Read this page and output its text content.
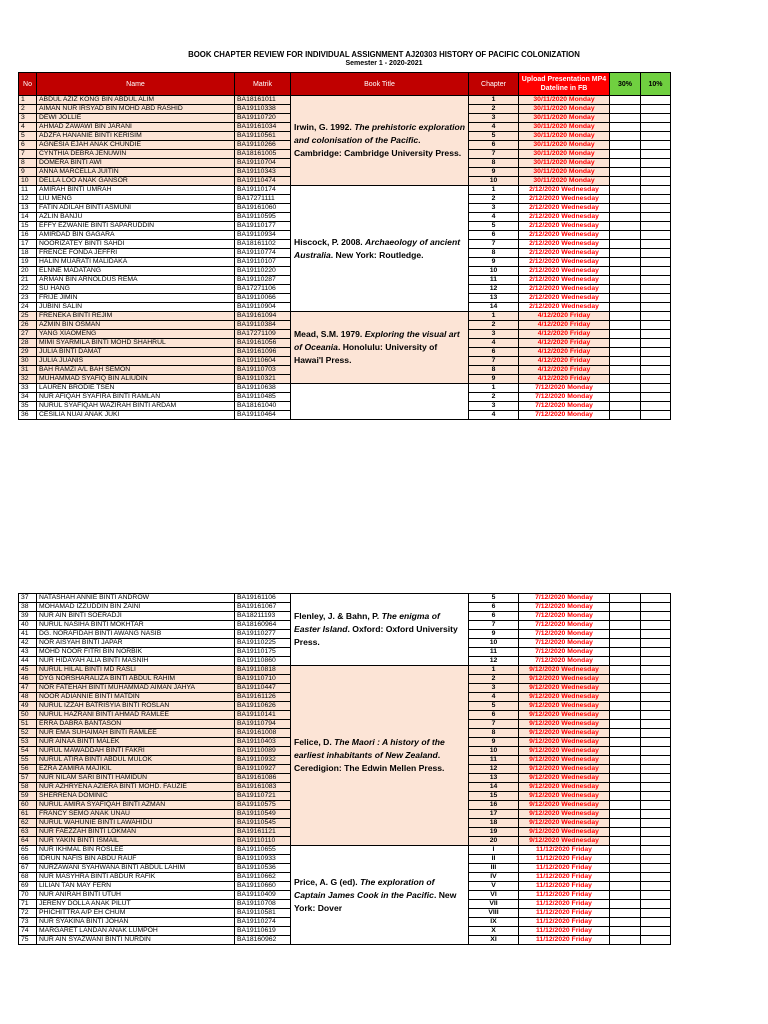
BOOK CHAPTER REVIEW FOR INDIVIDUAL ASSIGNMENT AJ20303 HISTORY OF PACIFIC COLONIZATION
Semester 1 - 2020-2021
No	Name	Matrik	Book Title	Chapter	Upload Presentation MP4 Dateline in FB	30%	10%	
1	ABDUL AZIZ KONG BIN ABDUL ALIM	BA18161011	Irwin, G. 1992. The prehistoric exploration and colonisation of the Pacific. Cambridge: Cambridge University Press.	1	30/11/2020 Monday			
2	AIMAN NUR IRSYAD BIN MOHD ABD RASHID	BA19110338		2	30/11/2020 Monday			
3	DEWI JOLLIE	BA19110720		3	30/11/2020 Monday			
4	AHMAD ZAWAWI BIN JARANI	BA19161034		4	30/11/2020 Monday			
5	ADZFA HANANIE BINTI KERISIM	BA19110561		5	30/11/2020 Monday			
6	AGNESIA EJAH ANAK CHUNDIE	BA19110266		6	30/11/2020 Monday			
7	CYNTHIA DEBRA JENUWIN	BA18161005		7	30/11/2020 Monday			
8	DOMERA BINTI AWI	BA19110704		8	30/11/2020 Monday			
9	ANNA MARCELLA JUITIN	BA19110343		9	30/11/2020 Monday			
10	DELLA LOO ANAK GANSOR	BA19110474		10	30/11/2020 Monday			
11	AMIRAH BINTI UMRAH	BA19110174	Hiscock, P. 2008. Archaeology of ancient Australia. New York: Routledge.	1	2/12/2020 Wednesday			
12	LIU MENG	BA17271111		2	2/12/2020 Wednesday			
13	FATIN ADILAH BINTI ASMUNI	BA19161060		3	2/12/2020 Wednesday			
14	AZLIN BANJU	BA19110595		4	2/12/2020 Wednesday			
15	EFFY EZWANIE BINTI SAPARUDDIN	BA19110177		5	2/12/2020 Wednesday			
16	AMIRDAD BIN GAGARA	BA19110934		6	2/12/2020 Wednesday			
17	NOORIZATEY BINTI SAHDI	BA18161102		7	2/12/2020 Wednesday			
18	FRENCE FONDA JEFFRI	BA19110774		8	2/12/2020 Wednesday			
19	HALIN MUARATI MALIDAKA	BA19110107		9	2/12/2020 Wednesday			
20	ELNNE MADATANG	BA19110220		10	2/12/2020 Wednesday			
21	ARMAN BIN ARNOLDUS REMA	BA19110287		11	2/12/2020 Wednesday			
22	SU HANG	BA17271106		12	2/12/2020 Wednesday			
23	FRIJE JIMIN	BA19110066		13	2/12/2020 Wednesday			
24	JUBINI SALIN	BA19110904		14	2/12/2020 Wednesday			
25	FRENEKA BINTI REJIM	BA19161094	Mead, S.M. 1979. Exploring the visual art of Oceania. Honolulu: University of Hawai'I Press.	1	4/12/2020 Friday			
26	AZMIN BIN OSMAN	BA19110384		2	4/12/2020 Friday			
27	YANG XIAOMENG	BA17271109		3	4/12/2020 Friday			
28	MIMI SYARMILA BINTI MOHD SHAHRUL	BA19161056		4	4/12/2020 Friday			
29	JULIA BINTI DAMAT	BA19161096		6	4/12/2020 Friday			
30	JULIA JUANIS	BA19110604		7	4/12/2020 Friday			
31	BAH RAMZI A/L BAH SEMON	BA19110703		8	4/12/2020 Friday			
32	MUHAMMAD SYAFIQ BIN ALIUDIN	BA19110321		9	4/12/2020 Friday			
33	LAUREN BRODIE TSEN	BA19110638		1	7/12/2020 Monday			
34	NUR AFIQAH SYAFIRA BINTI RAMLAN	BA19110485		2	7/12/2020 Monday			
35	NURUL SYAFIQAH WAZIRAH BINTI ARDAM	BA18161040		3	7/12/2020 Monday			
36	CESILIA NUAI ANAK JUKI	BA19110464		4	7/12/2020 Monday			
37	NATASHAH ANNIE BINTI ANDROW	BA19161106	Flenley, J. & Bahn, P. The enigma of Easter Island. Oxford: Oxford University Press.	5	7/12/2020 Monday			
38	MOHAMAD IZZUDDIN BIN ZAINI	BA19161067		6	7/12/2020 Monday			
39	NUR AIN BINTI SOERADJI	BA18211193		6	7/12/2020 Monday			
40	NURUL NASIHA BINTI MOKHTAR	BA18160964		7	7/12/2020 Monday			
41	DG. NORAFIDAH BINTI AWANG NASIB	BA19110277		9	7/12/2020 Monday			
42	NOR AISYAH BINTI JAPAR	BA19110225		10	7/12/2020 Monday			
43	MOHD NOOR FITRI BIN NORBIK	BA19110175		11	7/12/2020 Monday			
44	NUR HIDAYAH ALIA BINTI MASNIH	BA19110860		12	7/12/2020 Monday			
45	NURUL HILAL BINTI MD RASLI	BA19110818	Felice, D. The Maori : A history of the earliest inhabitants of New Zealand. Ceredigion: The Edwin Mellen Press.	1	9/12/2020 Wednesday			
46	DYG NORSHARALIZA BINTI ABDUL RAHIM	BA19110710		2	9/12/2020 Wednesday			
47	NOR FATEHAH BINTI MUHAMMAD AIMAN JAHYA	BA19110447		3	9/12/2020 Wednesday			
48	NOOR ADIANNIE BINTI MATDIN	BA19161126		4	9/12/2020 Wednesday			
49	NURUL IZZAH BATRISYIA BINTI ROSLAN	BA19110626		5	9/12/2020 Wednesday			
50	NURUL HAZRANI BINTI AHMAD RAMLEE	BA19110141		6	9/12/2020 Wednesday			
51	ERRA DABRA BANTASON	BA19110794		7	9/12/2020 Wednesday			
52	NUR EMA SUHAIMAH BINTI RAMLEE	BA19161008		8	9/12/2020 Wednesday			
53	NUR AINAA BINTI MALEK	BA19110403		9	9/12/2020 Wednesday			
54	NURUL MAWADDAH BINTI FAKRI	BA19110089		10	9/12/2020 Wednesday			
55	NURUL ATIRA BINTI ABDUL MULOK	BA19110932		11	9/12/2020 Wednesday			
56	EZRA ZAMIRA MAJIKIL	BA19110927		12	9/12/2020 Wednesday			
57	NUR NILAM SARI BINTI HAMIDUN	BA19161086		13	9/12/2020 Wednesday			
58	NUR AZHRYENA AZIERA BINTI MOHD. FAUZIE	BA19161083		14	9/12/2020 Wednesday			
59	SHERRENA DOMINIC	BA19110721		15	9/12/2020 Wednesday			
60	NURUL AMIRA SYAFIQAH BINTI AZMAN	BA19110575		16	9/12/2020 Wednesday			
61	FRANCY SEMO ANAK UNAU	BA19110549		17	9/12/2020 Wednesday			
62	NURUL WAHUNIE BINTI LAWAHIDU	BA19110545		18	9/12/2020 Wednesday			
63	NUR FAEZZAH BINTI LOKMAN	BA19161121		19	9/12/2020 Wednesday			
64	NUR YAKIN BINTI ISMAIL	BA19110110		20	9/12/2020 Wednesday			
65	NUR IKHMAL BIN ROSLEE	BA19110655	Price, A. G (ed). The exploration of Captain James Cook in the Pacific. New York: Dover	I	11/12/2020 Friday			
66	IDRUN NAFIS BIN ABDU RAUF	BA19110933		II	11/12/2020 Friday			
67	NURZAWANI SYAHWANA BINTI ABDUL LAHIM	BA19110536		III	11/12/2020 Friday			
68	NUR MASYHRA BINTI ABDUR RAFIK	BA19110662		IV	11/12/2020 Friday			
69	LILIAN TAN MAY FERN	BA19110660		V	11/12/2020 Friday			
70	NUR ANIRAH BINTI UTUH	BA19110409		VI	11/12/2020 Friday			
71	JERENY DOLLA ANAK PILUT	BA19110708		VII	11/12/2020 Friday			
72	PHICHITTRA A/P EH CHUM	BA19110581		VIII	11/12/2020 Friday			
73	NUR SYAKINA BINTI JOHAN	BA19110274		IX	11/12/2020 Friday			
74	MARGARET LANDAN ANAK LUMPOH	BA19110619		X	11/12/2020 Friday			
75	NUR AIN SYAZWANI BINTI NURDIN	BA18160962		XI	11/12/2020 Friday			
